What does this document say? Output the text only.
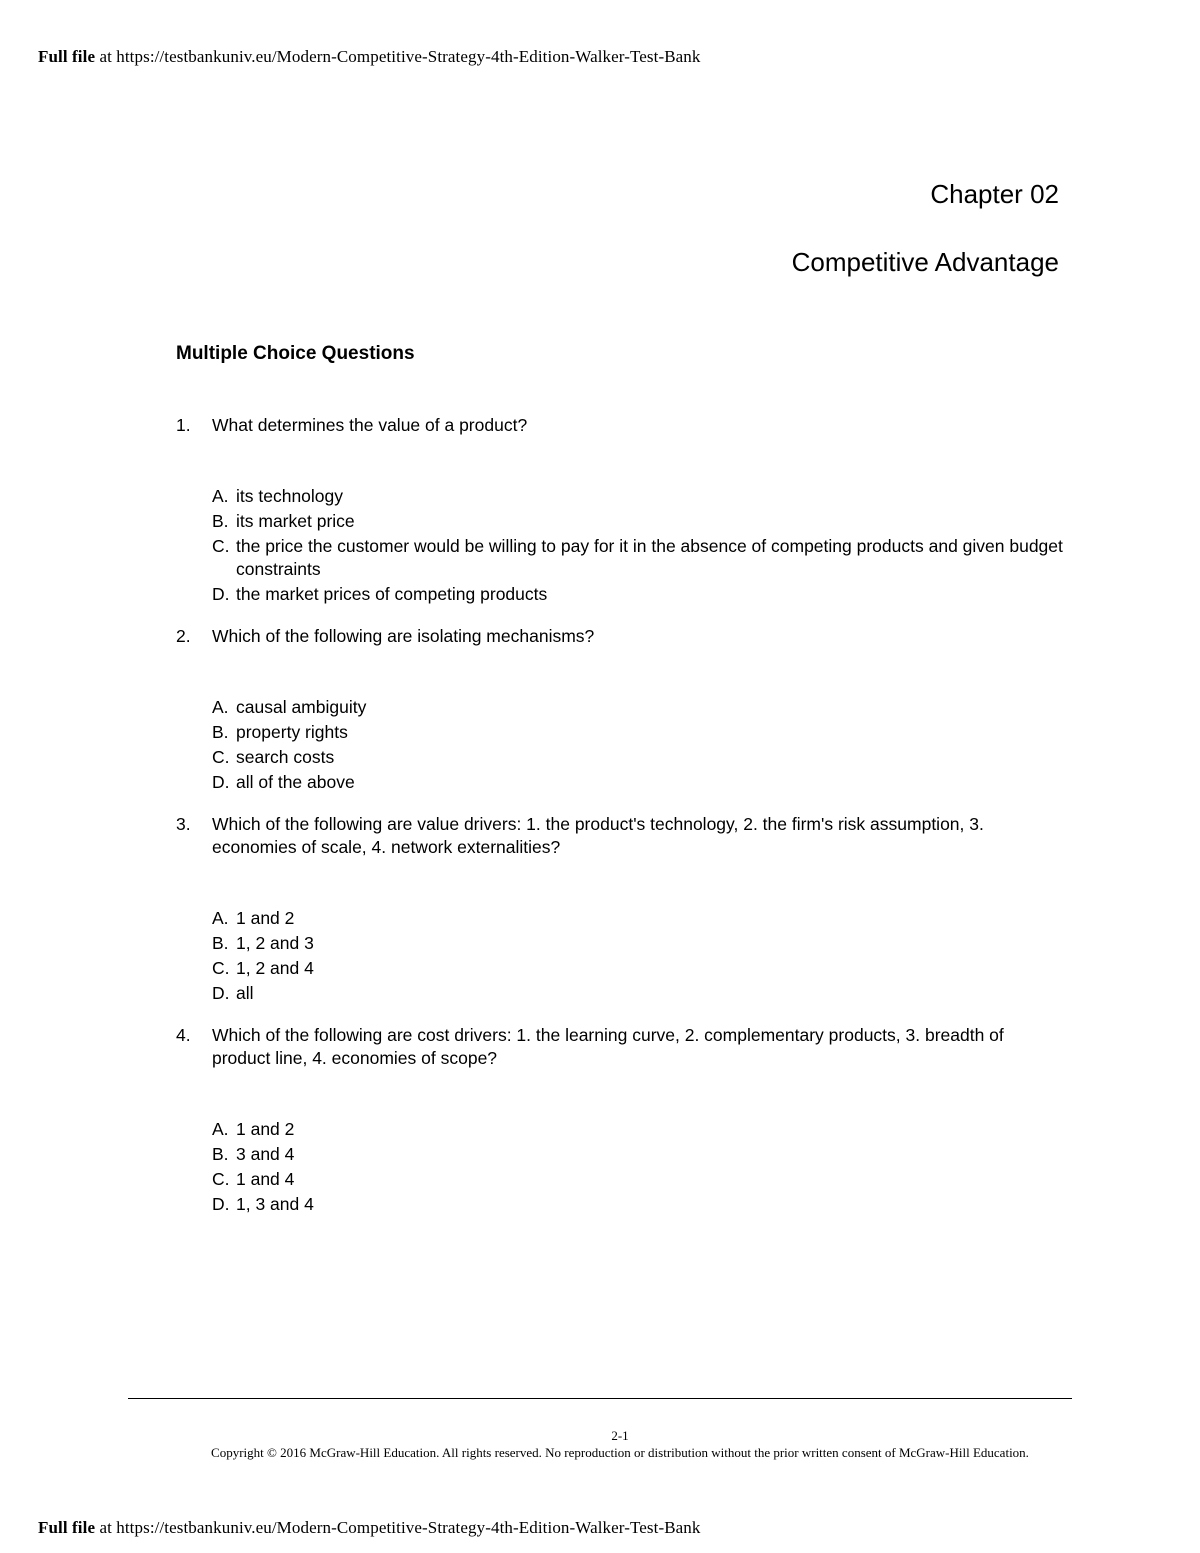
Full file at https://testbankuniv.eu/Modern-Competitive-Strategy-4th-Edition-Walker-Test-Bank
Chapter 02
Competitive Advantage
Multiple Choice Questions
1. What determines the value of a product?
A. its technology
B. its market price
C. the price the customer would be willing to pay for it in the absence of competing products and given budget constraints
D. the market prices of competing products
2. Which of the following are isolating mechanisms?
A. causal ambiguity
B. property rights
C. search costs
D. all of the above
3. Which of the following are value drivers: 1. the product's technology, 2. the firm's risk assumption, 3. economies of scale, 4. network externalities?
A. 1 and 2
B. 1, 2 and 3
C. 1, 2 and 4
D. all
4. Which of the following are cost drivers: 1. the learning curve, 2. complementary products, 3. breadth of product line, 4. economies of scope?
A. 1 and 2
B. 3 and 4
C. 1 and 4
D. 1, 3 and 4
2-1
Copyright © 2016 McGraw-Hill Education. All rights reserved. No reproduction or distribution without the prior written consent of McGraw-Hill Education.
Full file at https://testbankuniv.eu/Modern-Competitive-Strategy-4th-Edition-Walker-Test-Bank
